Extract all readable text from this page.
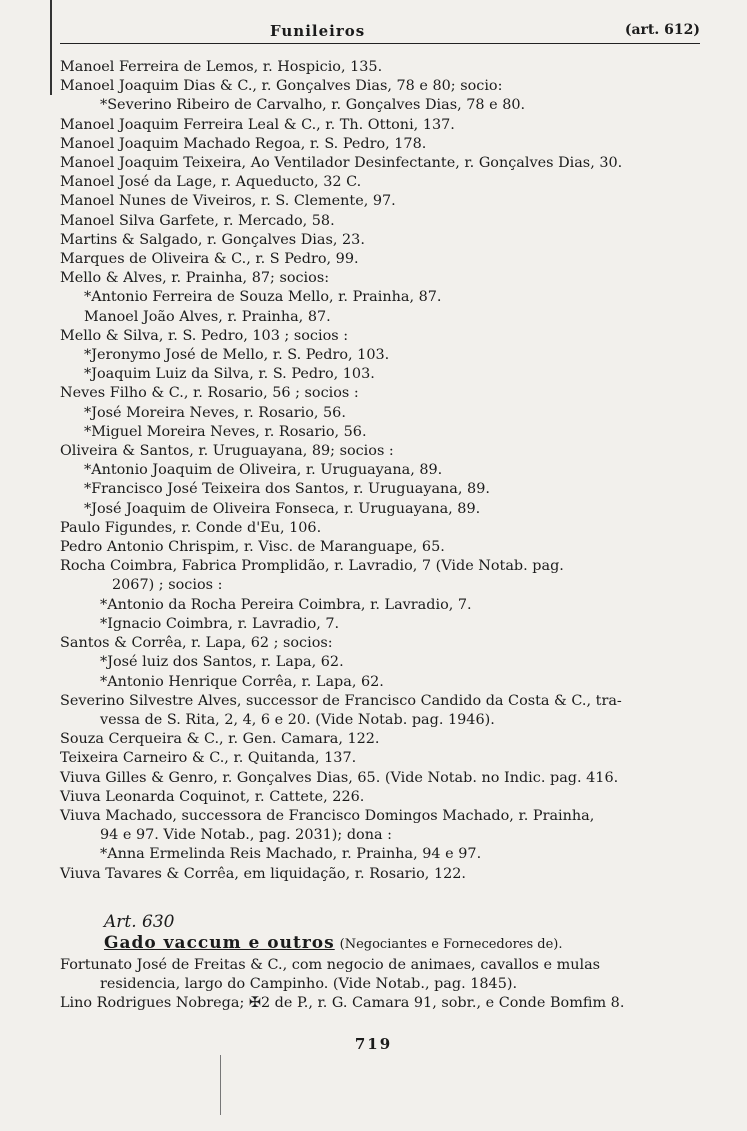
Funileiros	(art. 612)
Manoel Ferreira de Lemos, r. Hospicio, 135.
Manoel Joaquim Dias & C., r. Gonçalves Dias, 78 e 80; socio:
*Severino Ribeiro de Carvalho, r. Gonçalves Dias, 78 e 80.
Manoel Joaquim Ferreira Leal & C., r. Th. Ottoni, 137.
Manoel Joaquim Machado Regoa, r. S. Pedro, 178.
Manoel Joaquim Teixeira, Ao Ventilador Desinfectante, r. Gonçalves Dias, 30.
Manoel José da Lage, r. Aqueducto, 32 C.
Manoel Nunes de Viveiros, r. S. Clemente, 97.
Manoel Silva Garfete, r. Mercado, 58.
Martins & Salgado, r. Gonçalves Dias, 23.
Marques de Oliveira & C., r. S Pedro, 99.
Mello & Alves, r. Prainha, 87; socios:
*Antonio Ferreira de Souza Mello, r. Prainha, 87.
Manoel João Alves, r. Prainha, 87.
Mello & Silva, r. S. Pedro, 103 ; socios :
*Jeronymo José de Mello, r. S. Pedro, 103.
*Joaquim Luiz da Silva, r. S. Pedro, 103.
Neves Filho & C., r. Rosario, 56 ; socios :
*José Moreira Neves, r. Rosario, 56.
*Miguel Moreira Neves, r. Rosario, 56.
Oliveira & Santos, r. Uruguayana, 89; socios :
*Antonio Joaquim de Oliveira, r. Uruguayana, 89.
*Francisco José Teixeira dos Santos, r. Uruguayana, 89.
*José Joaquim de Oliveira Fonseca, r. Uruguayana, 89.
Paulo Figundes, r. Conde d'Eu, 106.
Pedro Antonio Chrispim, r. Visc. de Maranguape, 65.
Rocha Coimbra, Fabrica Promplidão, r. Lavradio, 7 (Vide Notab. pag.
2067) ; socios :
*Antonio da Rocha Pereira Coimbra, r. Lavradio, 7.
*Ignacio Coimbra, r. Lavradio, 7.
Santos & Corrêa, r. Lapa, 62 ; socios:
*José luiz dos Santos, r. Lapa, 62.
*Antonio Henrique Corrêa, r. Lapa, 62.
Severino Silvestre Alves, successor de Francisco Candido da Costa & C., tra-
vessa de S. Rita, 2, 4, 6 e 20. (Vide Notab. pag. 1946).
Souza Cerqueira & C., r. Gen. Camara, 122.
Teixeira Carneiro & C., r. Quitanda, 137.
Viuva Gilles & Genro, r. Gonçalves Dias, 65. (Vide Notab. no Indic. pag. 416.
Viuva Leonarda Coquinot, r. Cattete, 226.
Viuva Machado, successora de Francisco Domingos Machado, r. Prainha,
94 e 97. Vide Notab., pag. 2031); dona :
*Anna Ermelinda Reis Machado, r. Prainha, 94 e 97.
Viuva Tavares & Corrêa, em liquidação, r. Rosario, 122.
Art. 630
Gado vaccum e outros (Negociantes e Fornecedores de).
Fortunato José de Freitas & C., com negocio de animaes, cavallos e mulas
residencia, largo do Campinho. (Vide Notab., pag. 1845).
Lino Rodrigues Nobrega; ✠2 de P., r. G. Camara 91, sobr., e Conde Bomfim 8.
719
